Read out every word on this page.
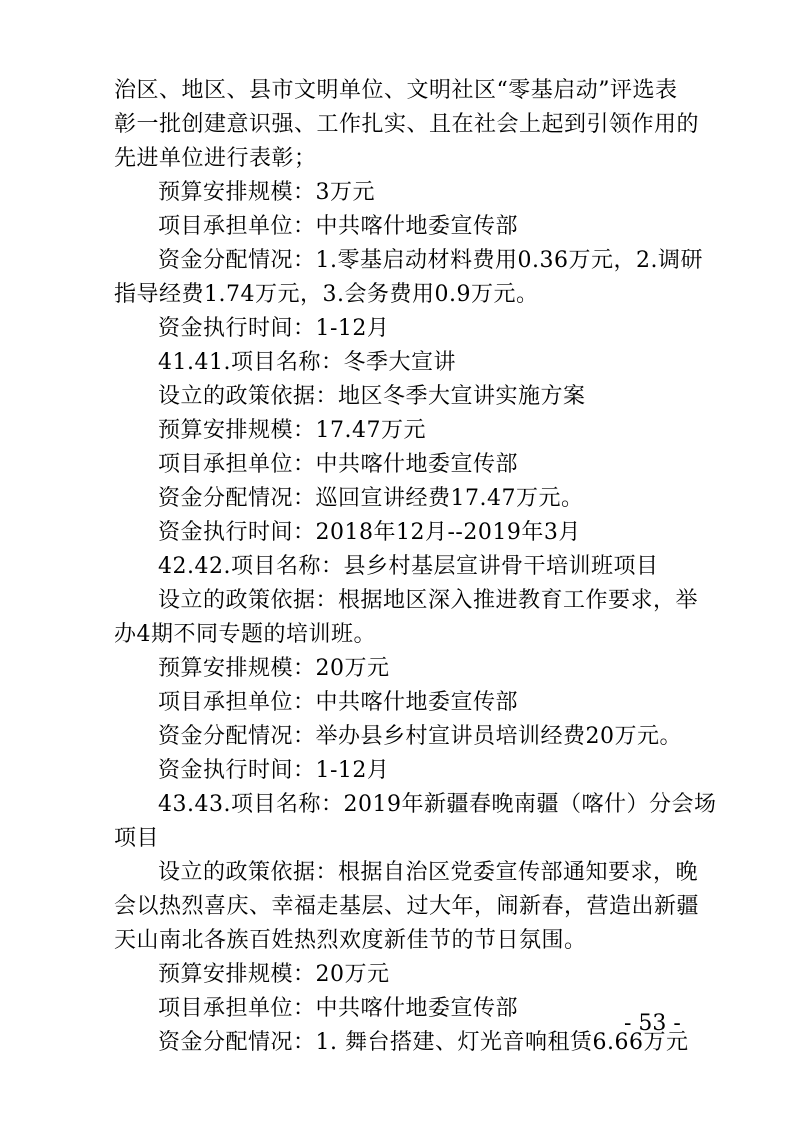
治区、地区、县市文明单位、文明社区“零基启动”评选表
彰一批创建意识强、工作扎实、且在社会上起到引领作用的
先进单位进行表彰；
预算安排规模：3万元
项目承担单位：中共喀什地委宣传部
资金分配情况：1.零基启动材料费用0.36万元，2.调研
指导经费1.74万元，3.会务费用0.9万元。
资金执行时间：1-12月
41.41.项目名称：冬季大宣讲
设立的政策依据：地区冬季大宣讲实施方案
预算安排规模：17.47万元
项目承担单位：中共喀什地委宣传部
资金分配情况：巡回宣讲经费17.47万元。
资金执行时间：2018年12月--2019年3月
42.42.项目名称：县乡村基层宣讲骨干培训班项目
设立的政策依据：根据地区深入推进教育工作要求，举
办4期不同专题的培训班。
预算安排规模：20万元
项目承担单位：中共喀什地委宣传部
资金分配情况：举办县乡村宣讲员培训经费20万元。
资金执行时间：1-12月
43.43.项目名称：2019年新疆春晚南疆（喀什）分会场
项目
设立的政策依据：根据自治区党委宣传部通知要求，晚
会以热烈喜庆、幸福走基层、过大年，闹新春，营造出新疆
天山南北各族百姓热烈欢度新佳节的节日氛围。
预算安排规模：20万元
项目承担单位：中共喀什地委宣传部
资金分配情况：1. 舞台搭建、灯光音响租赁6.66万元
- 53 -
